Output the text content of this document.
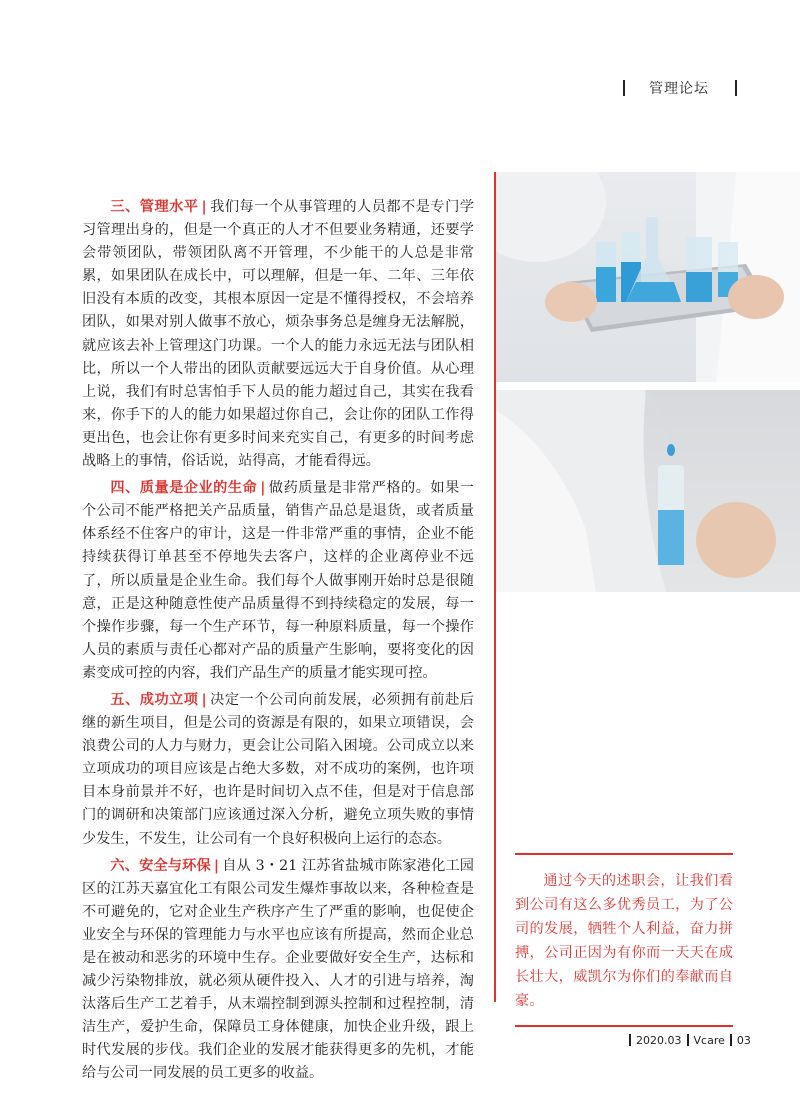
管理论坛

三、管理水平 | 我们每一个从事管理的人员都不是专门学习管理出身的，但是一个真正的人才不但要业务精通，还要学会带领团队，带领团队离不开管理，不少能干的人总是非常累，如果团队在成长中，可以理解，但是一年、二年、三年依旧没有本质的改变，其根本原因一定是不懂得授权，不会培养团队，如果对别人做事不放心，烦杂事务总是缠身无法解脱，就应该去补上管理这门功课。一个人的能力永远无法与团队相比，所以一个人带出的团队贡献要远远大于自身价值。从心理上说，我们有时总害怕手下人员的能力超过自己，其实在我看来，你手下的人的能力如果超过你自己，会让你的团队工作得更出色，也会让你有更多时间来充实自己，有更多的时间考虑战略上的事情，俗话说，站得高，才能看得远。

四、质量是企业的生命 | 做药质量是非常严格的。如果一个公司不能严格把关产品质量，销售产品总是退货，或者质量体系经不住客户的审计，这是一件非常严重的事情，企业不能持续获得订单甚至不停地失去客户，这样的企业离停业不远了，所以质量是企业生命。我们每个人做事刚开始时总是很随意，正是这种随意性使产品质量得不到持续稳定的发展，每一个操作步骤，每一个生产环节，每一种原料质量，每一个操作人员的素质与责任心都对产品的质量产生影响，要将变化的因素变成可控的内容，我们产品生产的质量才能实现可控。

五、成功立项 | 决定一个公司向前发展，必须拥有前赴后继的新生项目，但是公司的资源是有限的，如果立项错误，会浪费公司的人力与财力，更会让公司陷入困境。公司成立以来立项成功的项目应该是占绝大多数，对不成功的案例，也许项目本身前景并不好，也许是时间切入点不佳，但是对于信息部门的调研和决策部门应该通过深入分析，避免立项失败的事情少发生，不发生，让公司有一个良好积极向上运行的态态。

六、安全与环保 | 自从 3・21 江苏省盐城市陈家港化工园区的江苏天嘉宜化工有限公司发生爆炸事故以来，各种检查是不可避免的，它对企业生产秩序产生了严重的影响，也促使企业安全与环保的管理能力与水平也应该有所提高，然而企业总是在被动和恶劣的环境中生存。企业要做好安全生产，达标和减少污染物排放，就必须从硬件投入、人才的引进与培养，淘汰落后生产工艺着手，从末端控制到源头控制和过程控制，清洁生产，爱护生命，保障员工身体健康，加快企业升级，跟上时代发展的步伐。我们企业的发展才能获得更多的先机，才能给与公司一同发展的员工更多的收益。

通过今天的述职会，让我们看到公司有这么多优秀员工，为了公司的发展，牺牲个人利益，奋力拼搏，公司正因为有你而一天天在成长壮大，威凯尔为你们的奉献而自豪。
2020.03 Vcare 03
